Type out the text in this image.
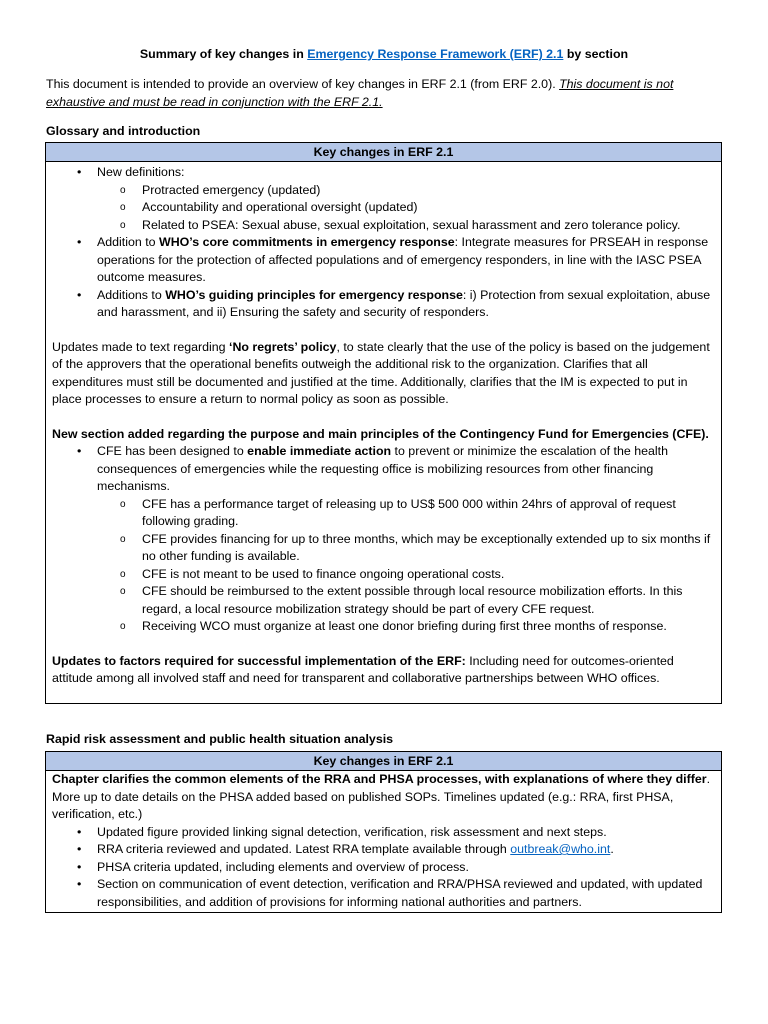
Summary of key changes in Emergency Response Framework (ERF) 2.1 by section
This document is intended to provide an overview of key changes in ERF 2.1 (from ERF 2.0). This document is not exhaustive and must be read in conjunction with the ERF 2.1.
Glossary and introduction
Key changes in ERF 2.1
• New definitions:
o Protracted emergency (updated)
o Accountability and operational oversight (updated)
o Related to PSEA: Sexual abuse, sexual exploitation, sexual harassment and zero tolerance policy.
• Addition to WHO’s core commitments in emergency response: Integrate measures for PRSEAH in response operations for the protection of affected populations and of emergency responders, in line with the IASC PSEA outcome measures.
• Additions to WHO’s guiding principles for emergency response: i) Protection from sexual exploitation, abuse and harassment, and ii) Ensuring the safety and security of responders.

Updates made to text regarding ‘No regrets’ policy, to state clearly that the use of the policy is based on the judgement of the approvers that the operational benefits outweigh the additional risk to the organization. Clarifies that all expenditures must still be documented and justified at the time. Additionally, clarifies that the IM is expected to put in place processes to ensure a return to normal policy as soon as possible.

New section added regarding the purpose and main principles of the Contingency Fund for Emergencies (CFE).

• CFE has been designed to enable immediate action to prevent or minimize the escalation of the health consequences of emergencies while the requesting office is mobilizing resources from other financing mechanisms.
o CFE has a performance target of releasing up to US$ 500 000 within 24hrs of approval of request following grading.
o CFE provides financing for up to three months, which may be exceptionally extended up to six months if no other funding is available.
o CFE is not meant to be used to finance ongoing operational costs.
o CFE should be reimbursed to the extent possible through local resource mobilization efforts. In this regard, a local resource mobilization strategy should be part of every CFE request.
o Receiving WCO must organize at least one donor briefing during first three months of response.

Updates to factors required for successful implementation of the ERF: Including need for outcomes-oriented attitude among all involved staff and need for transparent and collaborative partnerships between WHO offices.

Rapid risk assessment and public health situation analysis
Key changes in ERF 2.1

Chapter clarifies the common elements of the RRA and PHSA processes, with explanations of where they differ. More up to date details on the PHSA added based on published SOPs. Timelines updated (e.g.: RRA, first PHSA, verification, etc.)

• Updated figure provided linking signal detection, verification, risk assessment and next steps.
• RRA criteria reviewed and updated. Latest RRA template available through outbreak@who.int.
• PHSA criteria updated, including elements and overview of process.
• Section on communication of event detection, verification and RRA/PHSA reviewed and updated, with updated responsibilities, and addition of provisions for informing national authorities and partners.
